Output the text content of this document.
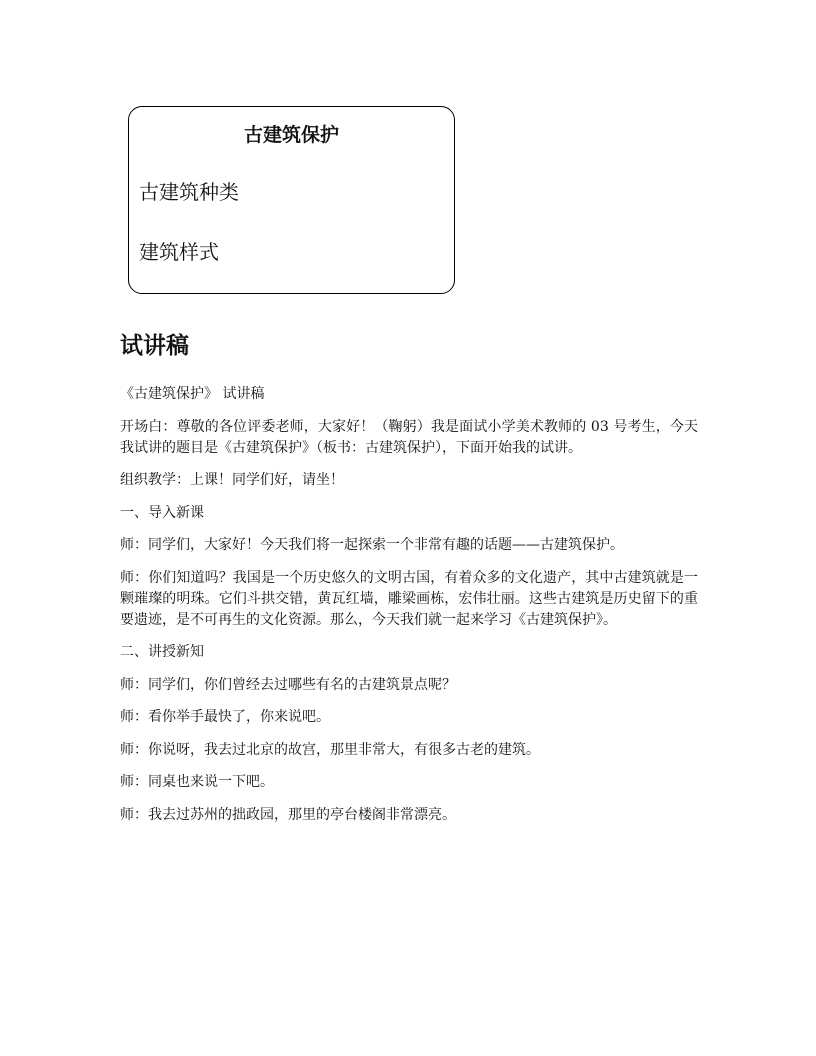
古建筑保护
古建筑种类
建筑样式
试讲稿

《古建筑保护》 试讲稿

开场白：尊敬的各位评委老师，大家好！（鞠躬）我是面试小学美术教师的 03 号考生，今天我试讲的题目是《古建筑保护》（板书：古建筑保护），下面开始我的试讲。

组织教学：上课！同学们好，请坐！

一、导入新课

师：同学们，大家好！今天我们将一起探索一个非常有趣的话题——古建筑保护。

师：你们知道吗？我国是一个历史悠久的文明古国，有着众多的文化遗产，其中古建筑就是一颗璀璨的明珠。它们斗拱交错，黄瓦红墙，雕梁画栋，宏伟壮丽。这些古建筑是历史留下的重要遗迹，是不可再生的文化资源。那么，今天我们就一起来学习《古建筑保护》。

二、讲授新知

师：同学们，你们曾经去过哪些有名的古建筑景点呢？

师：看你举手最快了，你来说吧。

师：你说呀，我去过北京的故宫，那里非常大，有很多古老的建筑。

师：同桌也来说一下吧。

师：我去过苏州的拙政园，那里的亭台楼阁非常漂亮。
